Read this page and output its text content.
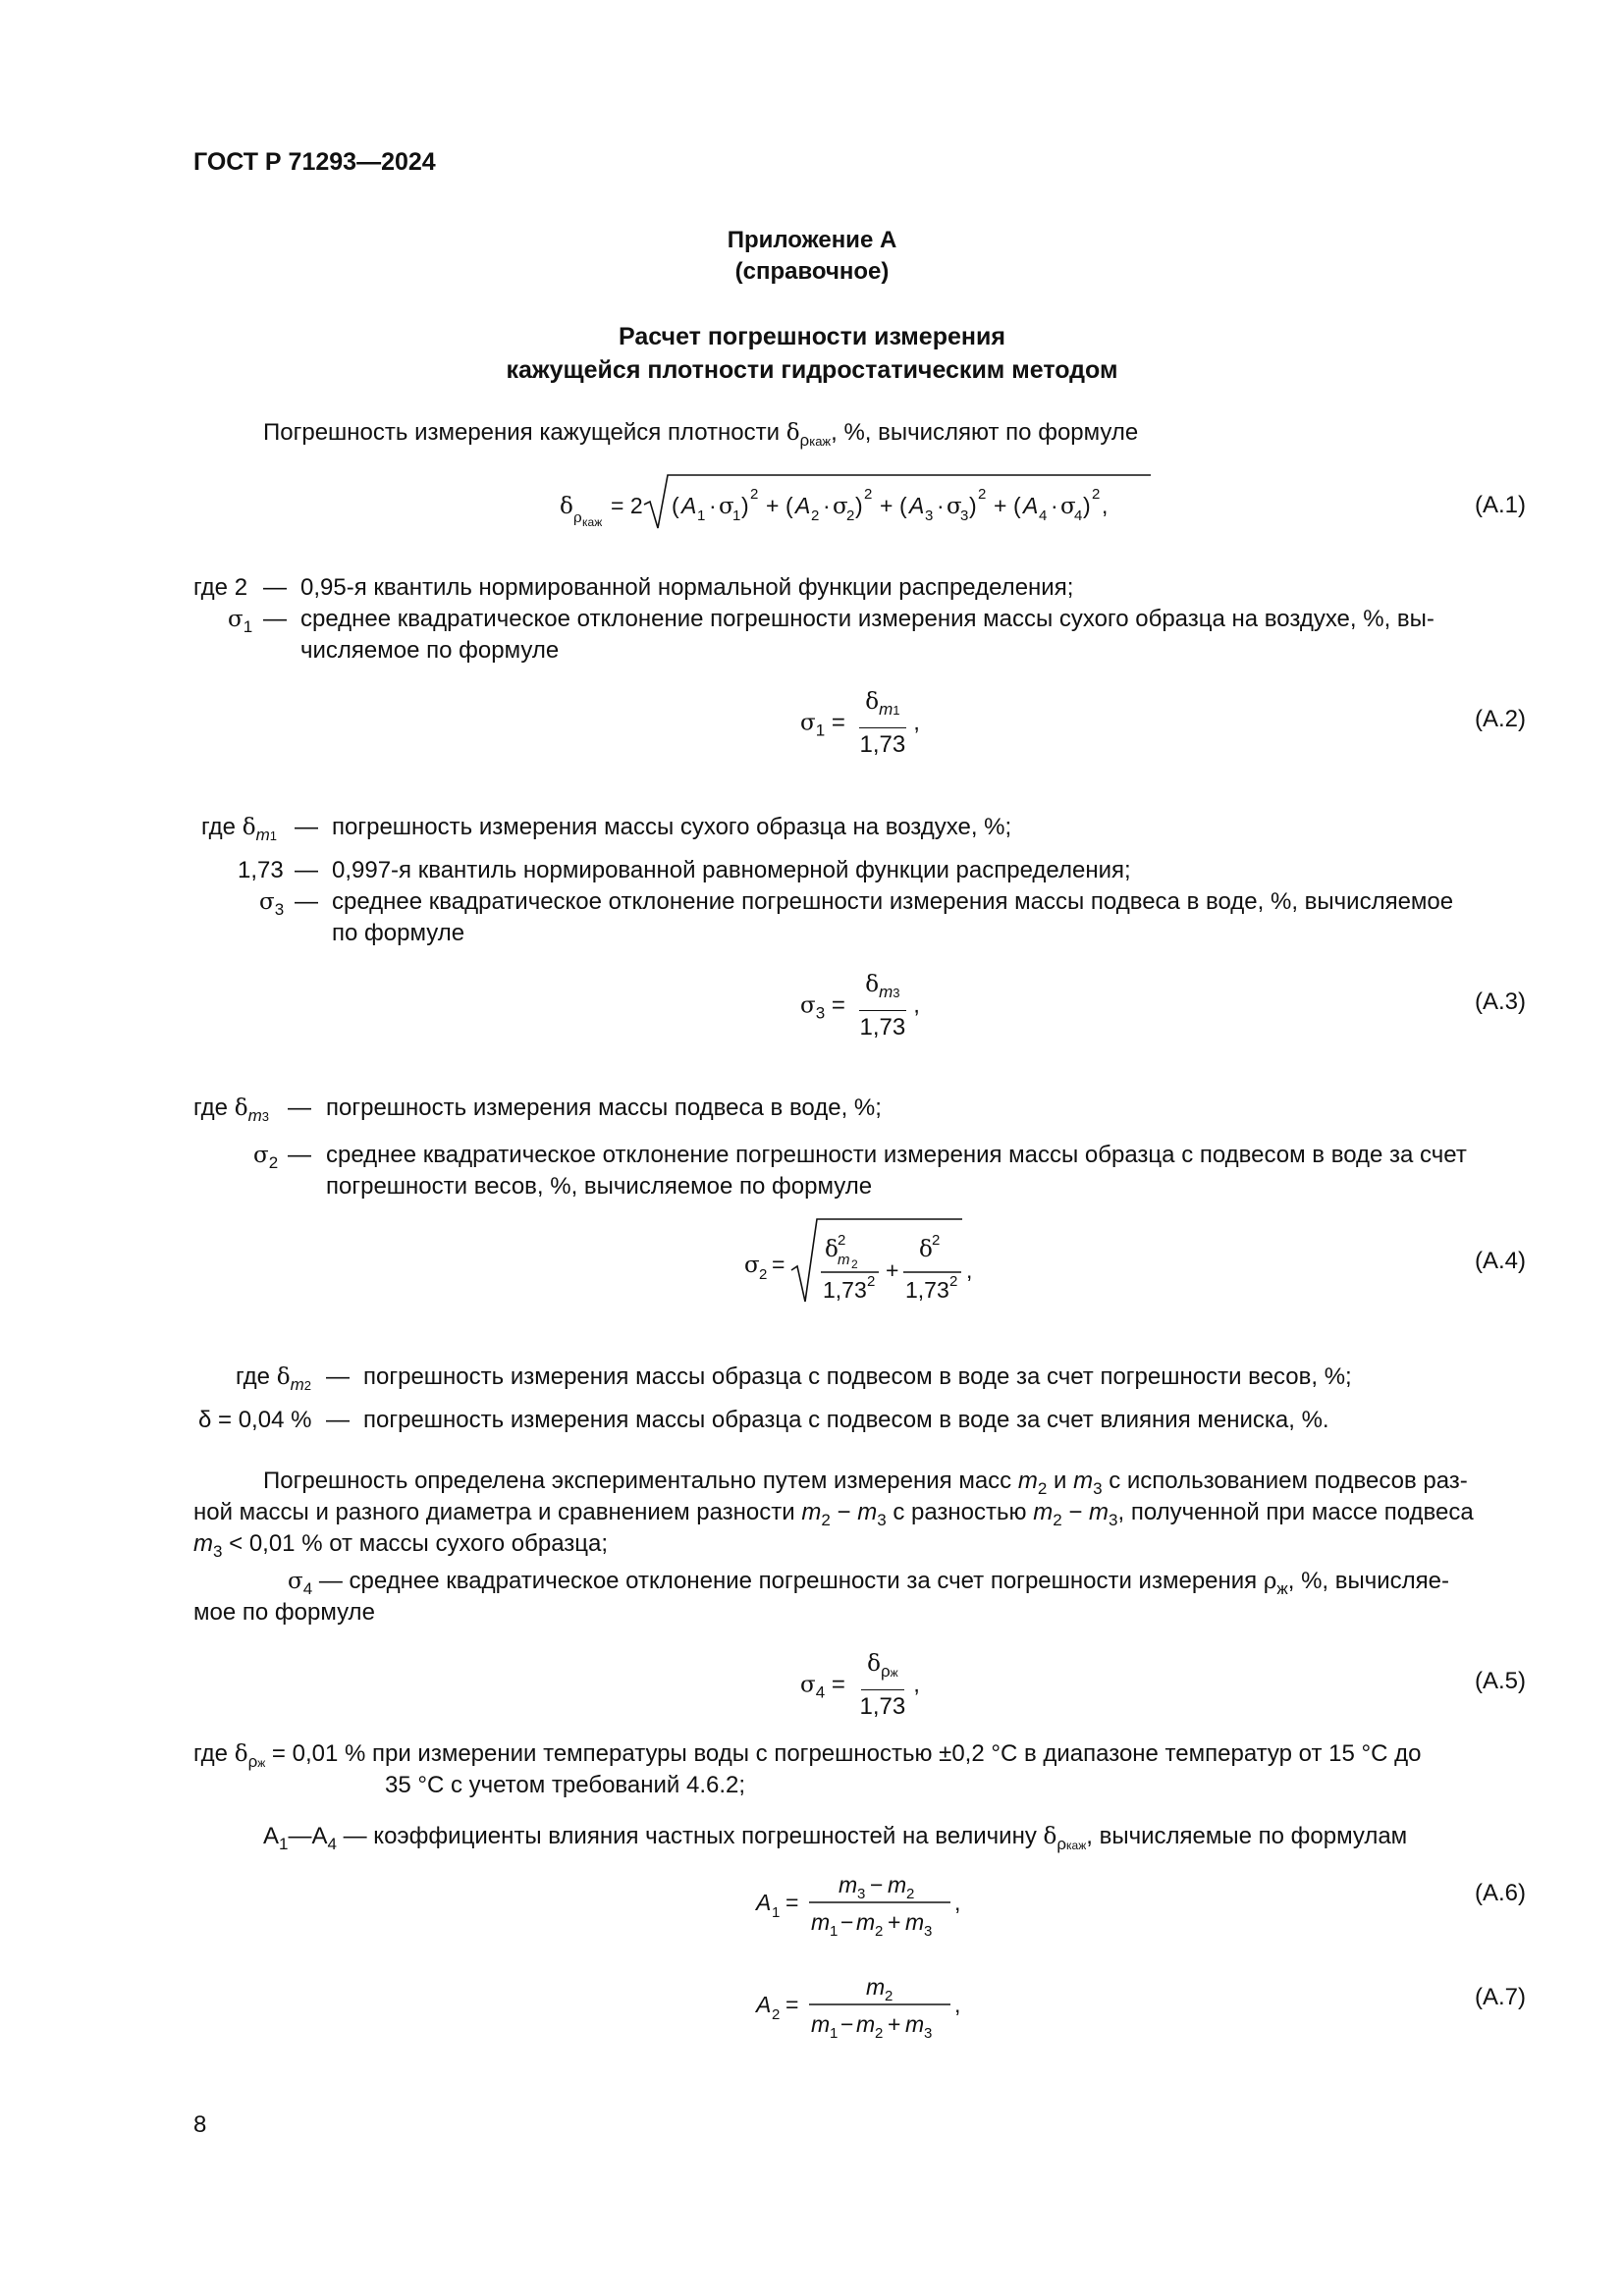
ГОСТ Р 71293—2024
Приложение А
(справочное)
Расчет погрешности измерения
кажущейся плотности гидростатическим методом
Погрешность измерения кажущейся плотности $\delta_{\rho каж}$, %, вычисляют по формуле
δ ρ каж
= 2 ( A 1 · σ
1 ) 2 + ( A 2 · σ
2 ) 2 + ( A 3 · σ
3 ) 2 + ( A 4 · σ
4 ) 2 ,	(А.1)
где 2 — 0,95-я квантиль нормированной нормальной функции распределения;
$\sigma_1$ — среднее квадратическое отклонение погрешности измерения массы сухого образца на воздухе, %, вы-
числяемое по формуле
$\sigma_1 = \frac{\delta_{m1}}{1,73}$ ,	(А.2)
где $\delta_{m1}$ — погрешность измерения массы сухого образца на воздухе, %;
1,73 — 0,997-я квантиль нормированной равномерной функции распределения;
$\sigma_3$ — среднее квадратическое отклонение погрешности измерения массы подвеса в воде, %, вычисляемое
по формуле
$\sigma_3 = \frac{\delta_{m3}}{1,73}$ ,	(А.3)
где $\delta_{m3}$ — погрешность измерения массы подвеса в воде, %;
$\sigma_2$ — среднее квадратическое отклонение погрешности измерения массы образца с подвесом в воде за счет
погрешности весов, %, вычисляемое по формуле
σ 2 =
δ 2
m 2
1,73 2 +
δ 2
1,73 2 ,	(А.4)
где $\delta_{m2}$ — погрешность измерения массы образца с подвесом в воде за счет погрешности весов, %;
δ = 0,04 % — погрешность измерения массы образца с подвесом в воде за счет влияния мениска, %.
Погрешность определена экспериментально путем измерения масс $m_2$ и $m_3$ с использованием подвесов раз-
ной массы и разного диаметра и сравнением разности $m_2 - m_3$ с разностью $m_2 - m_3$, полученной при массе подвеса
$m_3 < 0,01$ % от массы сухого образца;
$\sigma_4$ — среднее квадратическое отклонение погрешности за счет погрешности измерения $\rho_ж$, %, вычисляе-
мое по формуле
$\sigma_4 = \frac{\delta_{\rho ж}}{1,73}$ ,	(А.5)
где $\delta_{\rho ж} = 0,01$ % при измерении температуры воды с погрешностью ±0,2 °С в диапазоне температур от 15 °С до
35 °С с учетом требований 4.6.2;
$А_1—А_4$ — коэффициенты влияния частных погрешностей на величину $\delta_{\rho каж}$, вычисляемые по формулам
A 1 =
m 3 − m 2
m 1 − m 2 + m 3
,	(А.6)
A 2 =
m 2
m 1 − m 2 + m 3
,	(А.7)
8
